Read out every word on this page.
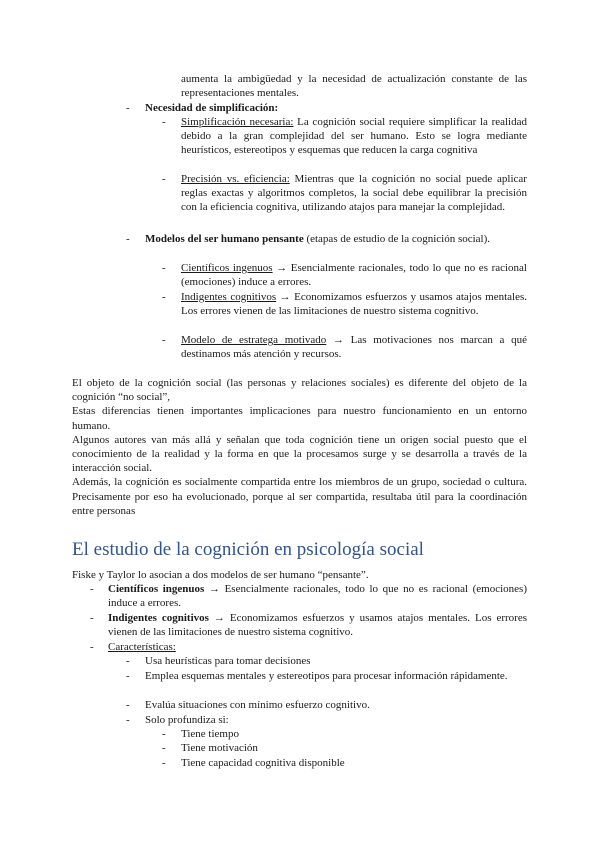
aumenta la ambigüedad y la necesidad de actualización constante de las representaciones mentales.
- Necesidad de simplificación:
- Simplificación necesaria: La cognición social requiere simplificar la realidad debido a la gran complejidad del ser humano. Esto se logra mediante heurísticos, estereotipos y esquemas que reducen la carga cognitiva
- Precisión vs. eficiencia: Mientras que la cognición no social puede aplicar reglas exactas y algoritmos completos, la social debe equilibrar la precisión con la eficiencia cognitiva, utilizando atajos para manejar la complejidad.
- Modelos del ser humano pensante (etapas de estudio de la cognición social).
- Científicos ingenuos → Esencialmente racionales, todo lo que no es racional (emociones) induce a errores.
- Indigentes cognitivos → Economizamos esfuerzos y usamos atajos mentales. Los errores vienen de las limitaciones de nuestro sistema cognitivo.
- Modelo de estratega motivado → Las motivaciones nos marcan a qué destinamos más atención y recursos.

El objeto de la cognición social (las personas y relaciones sociales) es diferente del objeto de la cognición “no social”,

Estas diferencias tienen importantes implicaciones para nuestro funcionamiento en un entorno humano.

Algunos autores van más allá y señalan que toda cognición tiene un origen social puesto que el conocimiento de la realidad y la forma en que la procesamos surge y se desarrolla a través de la interacción social.

Además, la cognición es socialmente compartida entre los miembros de un grupo, sociedad o cultura. Precisamente por eso ha evolucionado, porque al ser compartida, resultaba útil para la coordinación entre personas

El estudio de la cognición en psicología social
Fiske y Taylor lo asocian a dos modelos de ser humano “pensante”.
- Científicos ingenuos → Esencialmente racionales, todo lo que no es racional (emociones) induce a errores.
- Indigentes cognitivos → Economizamos esfuerzos y usamos atajos mentales. Los errores vienen de las limitaciones de nuestro sistema cognitivo.
- Características:
- Usa heurísticas para tomar decisiones
- Emplea esquemas mentales y estereotipos para procesar información rápidamente.
- Evalúa situaciones con mínimo esfuerzo cognitivo.
- Solo profundiza si:
- Tiene tiempo
- Tiene motivación
- Tiene capacidad cognitiva disponible
